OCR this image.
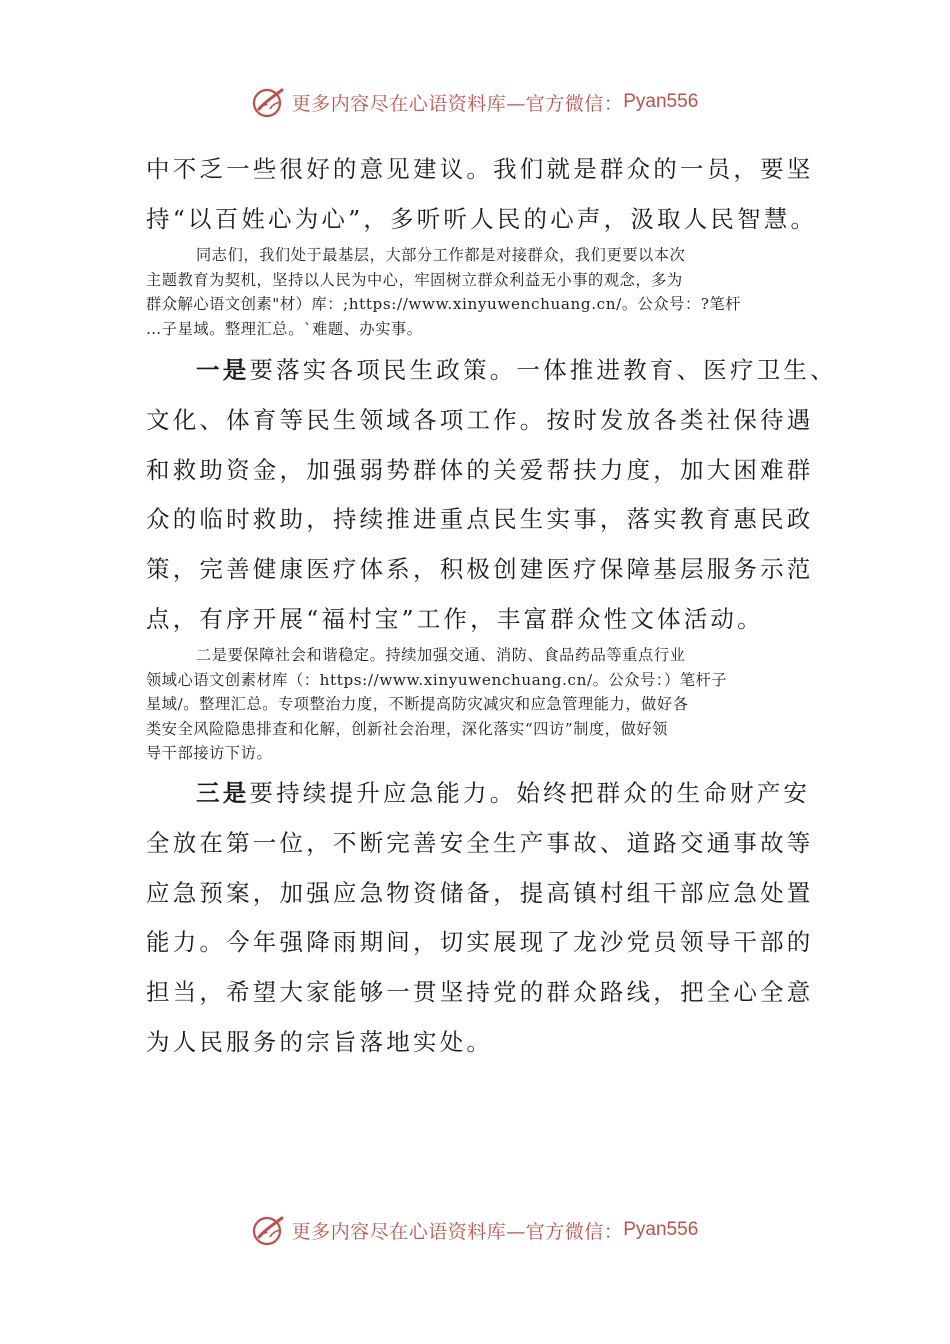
更多内容尽在心语资料库—官方微信： Pyan556

中不乏一些很好的意见建议。我们就是群众的一员，要坚
持“以百姓心为心”，多听听人民的心声，汲取人民智慧。

同志们，我们处于最基层，大部分工作都是对接群众，我们更要以本次
主题教育为契机，坚持以人民为中心，牢固树立群众利益无小事的观念，多为
群众解心语文创素"材）库：;https://www.xinyuwenchuang.cn/。公众号：?笔杆
…子星域。整理汇总。`难题、办实事。

一是要落实各项民生政策。一体推进教育、医疗卫生、
文化、体育等民生领域各项工作。按时发放各类社保待遇
和救助资金，加强弱势群体的关爱帮扶力度，加大困难群
众的临时救助，持续推进重点民生实事，落实教育惠民政
策，完善健康医疗体系，积极创建医疗保障基层服务示范
点，有序开展“福村宝”工作，丰富群众性文体活动。

二是要保障社会和谐稳定。持续加强交通、消防、食品药品等重点行业
领域心语文创素材库（：https://www.xinyuwenchuang.cn/。公众号：）笔杆子
星域/。整理汇总。专项整治力度，不断提高防灾减灾和应急管理能力，做好各
类安全风险隐患排查和化解，创新社会治理，深化落实“四访”制度，做好领
导干部接访下访。

三是要持续提升应急能力。始终把群众的生命财产安
全放在第一位，不断完善安全生产事故、道路交通事故等
应急预案，加强应急物资储备，提高镇村组干部应急处置
能力。今年强降雨期间，切实展现了龙沙党员领导干部的
担当，希望大家能够一贯坚持党的群众路线，把全心全意
为人民服务的宗旨落地实处。

更多内容尽在心语资料库—官方微信： Pyan556
